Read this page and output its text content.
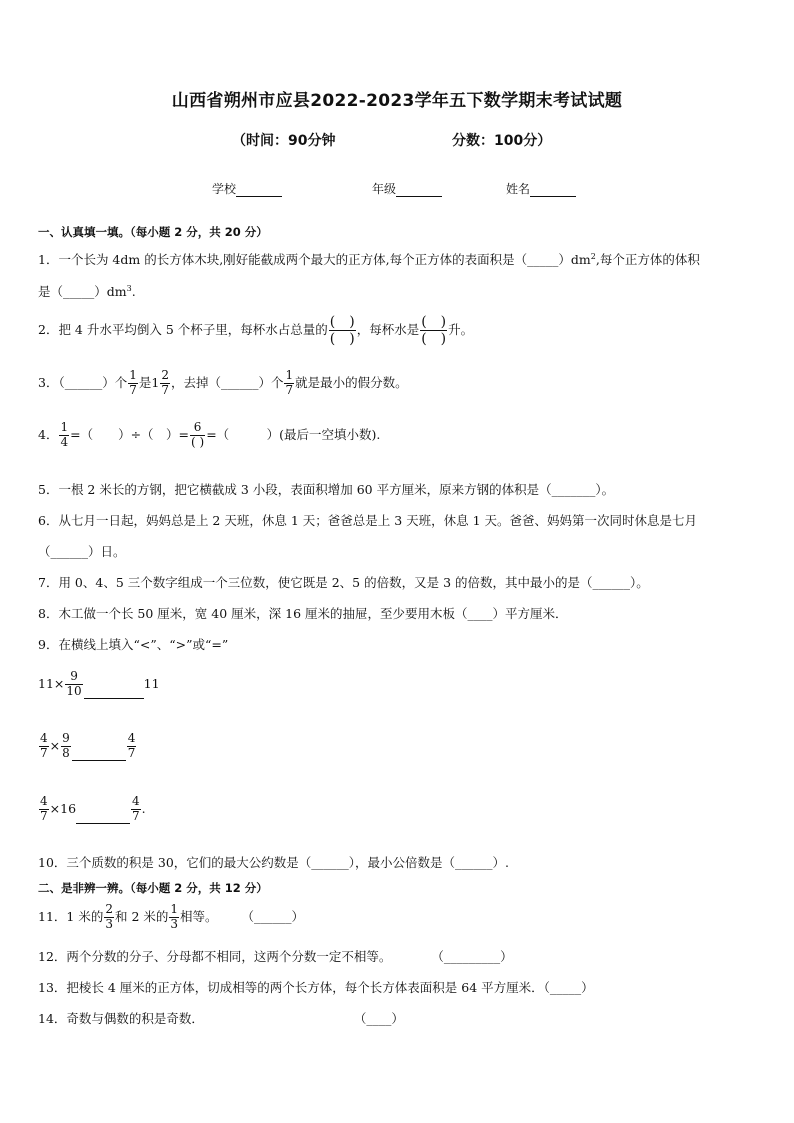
山西省朔州市应县2022-2023学年五下数学期末考试试题
（时间：90分钟	分数：100分）
学校	年级	姓名
一、认真填一填。（每小题 2 分，共 20 分）
1．一个长为 4dm 的长方体木块,刚好能截成两个最大的正方体,每个正方体的表面积是$(\_\_\_\_\_)dm^2$,每个正方体的体积
是$(\_\_\_\_\_)dm^3$.
2．把 4 升水平均倒入 5 个杯子里，每杯水占总量的 $\frac{( )}{( )}$ ，每杯水是 $\frac{( )}{( )}$ 升。
3．（______）个 $\frac{1}{7}$ 是$1 \frac{2}{7}$ ，去掉（______）个 $\frac{1}{7}$ 就是最小的假分数。
4． $\frac{1}{4}$ =（　　）÷（　）= $\frac{6}{( )}$ =（　　　）(最后一空填小数).
5．一根 2 米长的方钢，把它横截成 3 小段，表面积增加 60 平方厘米，原来方钢的体积是（_______）。
6．从七月一日起，妈妈总是上 2 天班，休息 1 天；爸爸总是上 3 天班，休息 1 天。爸爸、妈妈第一次同时休息是七月
（______）日。
7．用 0、4、5 三个数字组成一个三位数，使它既是 2、5 的倍数，又是 3 的倍数，其中最小的是（______）。
8．木工做一个长 50 厘米，宽 40 厘米，深 16 厘米的抽屉，至少要用木板（____）平方厘米．
9．在横线上填入“<”、“>”或“=”
$11\times \frac{9}{10}$	11
$\frac{4}{7} \times \frac{9}{8}$	$\frac{4}{7}$
$\frac{4}{7} \times 16$	$\frac{4}{7}$ .
10．三个质数的积是 30，它们的最大公约数是（______），最小公倍数是（______）.
二、是非辨一辨。（每小题 2 分，共 12 分）
11．1 米的 $\frac{2}{3}$ 和 2 米的 $\frac{1}{3}$ 相等。 （______）
12．两个分数的分子、分母都不相同，这两个分数一定不相等。	（_________）
13．把棱长 4 厘米的正方体，切成相等的两个长方体，每个长方体表面积是 64 平方厘米．（_____）
14．奇数与偶数的积是奇数．	（____）
